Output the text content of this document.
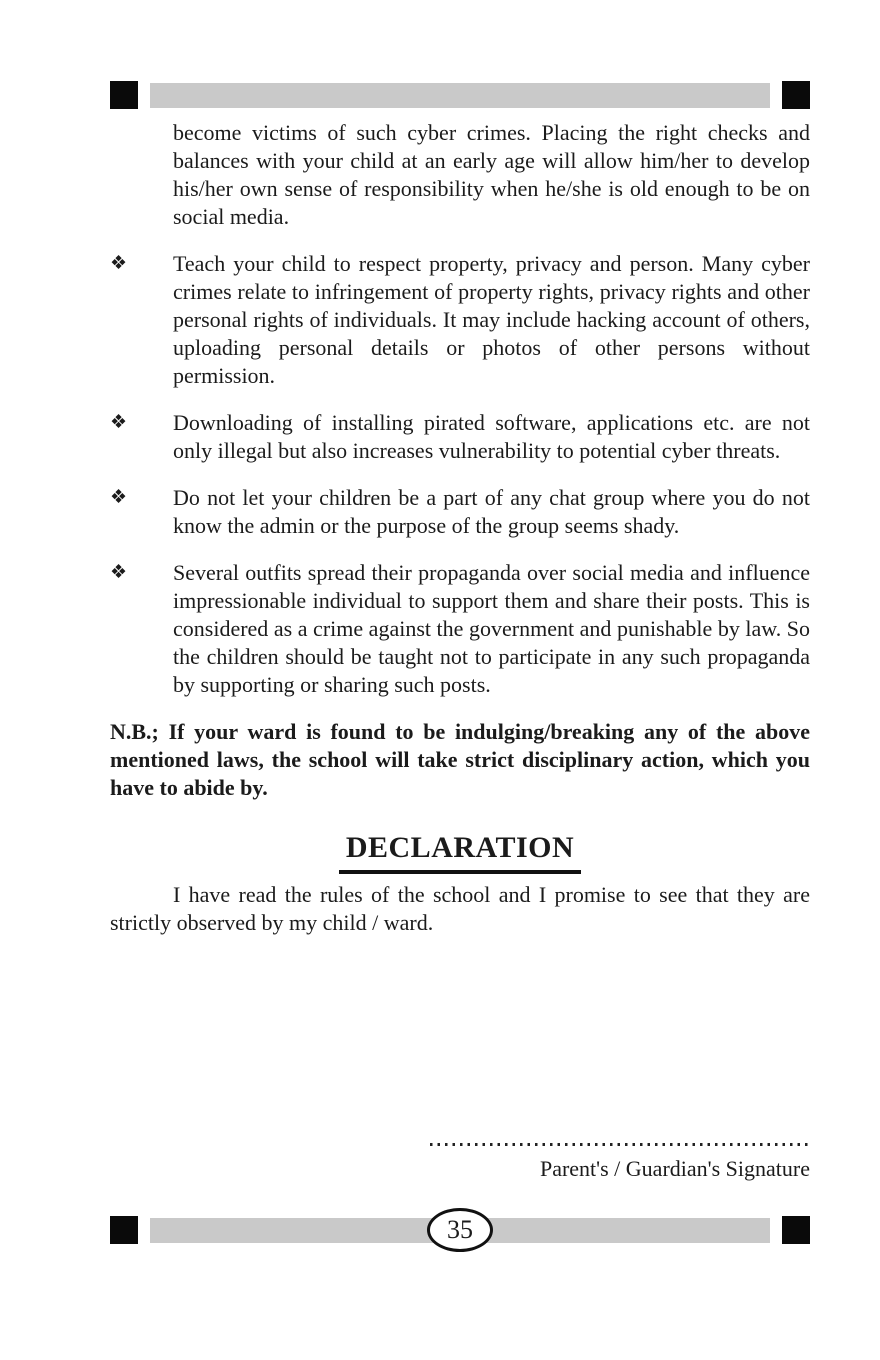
become victims of such cyber crimes. Placing the right checks and balances with your child at an early age will allow him/her to develop his/her own sense of responsibility when he/she is old enough to be on social media.

❖	Teach your child to respect property, privacy and person. Many cyber crimes relate to infringement of property rights, privacy rights and other personal rights of individuals. It may include hacking account of others, uploading personal details or photos of other persons without permission.
❖	Downloading of installing pirated software, applications etc. are not only illegal but also increases vulnerability to potential cyber threats.
❖	Do not let your children be a part of any chat group where you do not know the admin or the purpose of the group seems shady.
❖	Several outfits spread their propaganda over social media and influence impressionable individual to support them and share their posts. This is considered as a crime against the government and punishable by law. So the children should be taught not to participate in any such propaganda by supporting or sharing such posts.

N.B.; If your ward is found to be indulging/breaking any of the above mentioned laws, the school will take strict disciplinary action, which you have to abide by.

DECLARATION

I have read the rules of the school and I promise to see that they are strictly observed by my child / ward.

Parent's / Guardian's Signature
35
